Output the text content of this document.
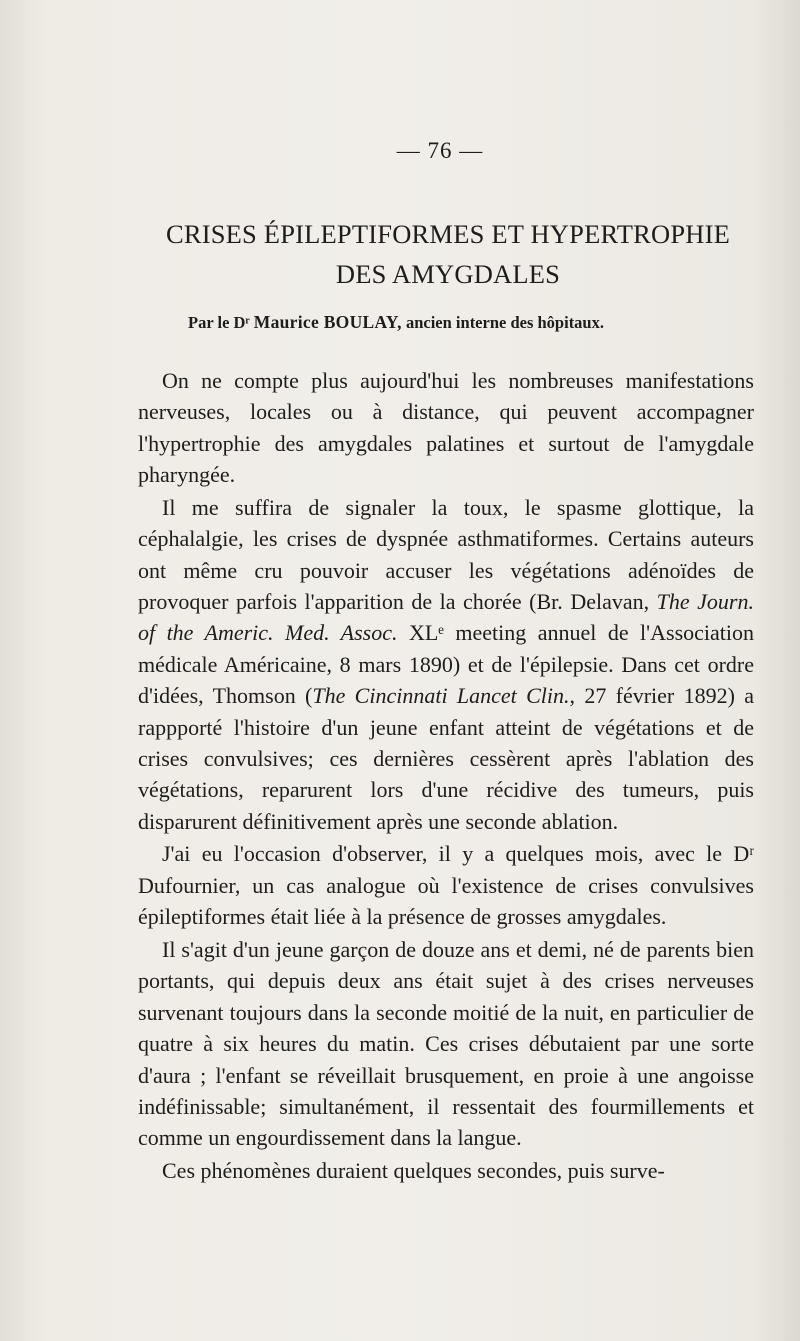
— 76 —
CRISES ÉPILEPTIFORMES ET HYPERTROPHIE
DES AMYGDALES
Par le Dʳ Maurice BOULAY, ancien interne des hôpitaux.

On ne compte plus aujourd'hui les nombreuses manifestations nerveuses, locales ou à distance, qui peuvent accompagner l'hypertrophie des amygdales palatines et surtout de l'amygdale pharyngée.

Il me suffira de signaler la toux, le spasme glottique, la céphalalgie, les crises de dyspnée asthmatiformes. Certains auteurs ont même cru pouvoir accuser les végétations adénoïdes de provoquer parfois l'apparition de la chorée (Br. Delavan, The Journ. of the Americ. Med. Assoc. XLᵉ meeting annuel de l'Association médicale Américaine, 8 mars 1890) et de l'épilepsie. Dans cet ordre d'idées, Thomson (The Cincinnati Lancet Clin., 27 février 1892) a rappporté l'histoire d'un jeune enfant atteint de végétations et de crises convulsives; ces dernières cessèrent après l'ablation des végétations, reparurent lors d'une récidive des tumeurs, puis disparurent définitivement après une seconde ablation.

J'ai eu l'occasion d'observer, il y a quelques mois, avec le Dʳ Dufournier, un cas analogue où l'existence de crises convulsives épileptiformes était liée à la présence de grosses amygdales.

Il s'agit d'un jeune garçon de douze ans et demi, né de parents bien portants, qui depuis deux ans était sujet à des crises nerveuses survenant toujours dans la seconde moitié de la nuit, en particulier de quatre à six heures du matin. Ces crises débutaient par une sorte d'aura ; l'enfant se réveillait brusquement, en proie à une angoisse indéfinissable; simultanément, il ressentait des fourmillements et comme un engourdissement dans la langue.

Ces phénomènes duraient quelques secondes, puis surve-
